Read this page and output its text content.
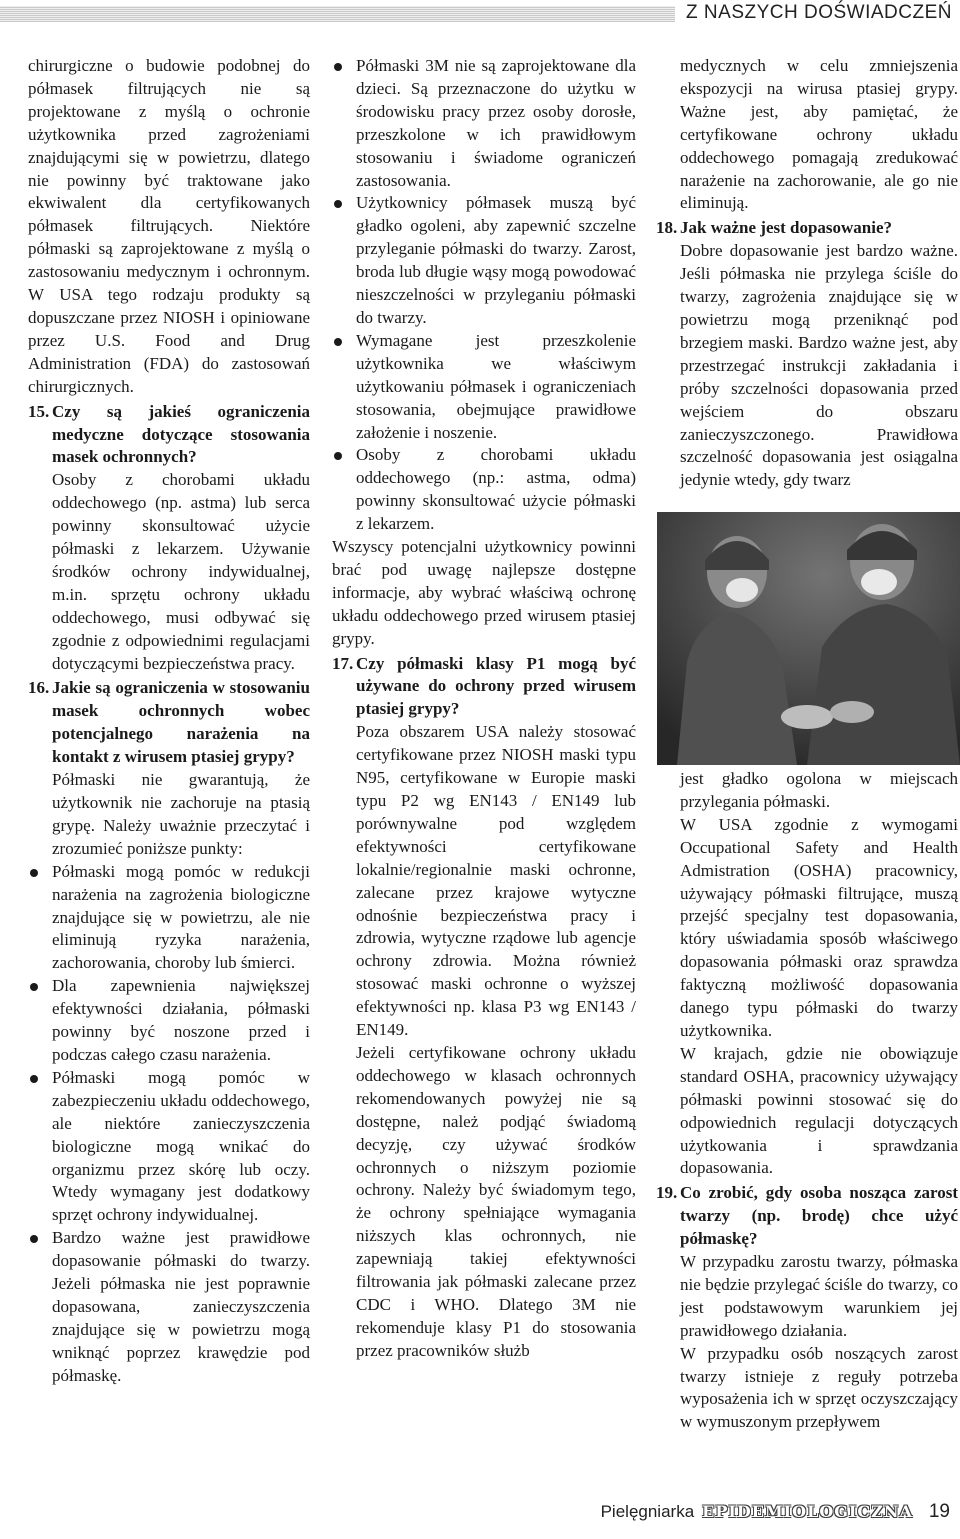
Z NASZYCH DOŚWIADCZEŃ

chirurgiczne o budowie podobnej do półmasek filtrujących nie są projektowane z myślą o ochronie użytkownika przed zagrożeniami znajdującymi się w powietrzu, dlatego nie powinny być traktowane jako ekwiwalent dla certyfikowanych półmasek filtrujących. Niektóre półmaski są zaprojektowane z myślą o zastosowaniu medycznym i ochronnym. W USA tego rodzaju produkty są dopuszczane przez NIOSH i opiniowane przez U.S. Food and Drug Administration (FDA) do zastosowań chirurgicznych.

15. Czy są jakieś ograniczenia medyczne dotyczące stosowania masek ochronnych?

Osoby z chorobami układu oddechowego (np. astma) lub serca powinny skonsultować użycie półmaski z lekarzem. Używanie środków ochrony indywidualnej, m.in. sprzętu ochrony układu oddechowego, musi odbywać się zgodnie z odpowiednimi regulacjami dotyczącymi bezpieczeństwa pracy.

16. Jakie są ograniczenia w stosowaniu masek ochronnych wobec potencjalnego narażenia na kontakt z wirusem ptasiej grypy?

Półmaski nie gwarantują, że użytkownik nie zachoruje na ptasią grypę. Należy uważnie przeczytać i zrozumieć poniższe punkty:

Półmaski mogą pomóc w redukcji narażenia na zagrożenia biologiczne znajdujące się w powietrzu, ale nie eliminują ryzyka narażenia, zachorowania, choroby lub śmierci.
Dla zapewnienia największej efektywności działania, półmaski powinny być noszone przed i podczas całego czasu narażenia.
Półmaski mogą pomóc w zabezpieczeniu układu oddechowego, ale niektóre zanieczyszczenia biologiczne mogą wnikać do organizmu przez skórę lub oczy. Wtedy wymagany jest dodatkowy sprzęt ochrony indywidualnej.
Bardzo ważne jest prawidłowe dopasowanie półmaski do twarzy. Jeżeli półmaska nie jest poprawnie dopasowana, zanieczyszczenia znajdujące się w powietrzu mogą wniknąć poprzez krawędzie pod półmaskę.
Półmaski 3M nie są zaprojektowane dla dzieci. Są przeznaczone do użytku w środowisku pracy przez osoby dorosłe, przeszkolone w ich prawidłowym stosowaniu i świadome ograniczeń zastosowania.
Użytkownicy półmasek muszą być gładko ogoleni, aby zapewnić szczelne przyleganie półmaski do twarzy. Zarost, broda lub długie wąsy mogą powodować nieszczelności w przyleganiu półmaski do twarzy.
Wymagane jest przeszkolenie użytkownika we właściwym użytkowaniu półmasek i ograniczeniach stosowania, obejmujące prawidłowe założenie i noszenie.
Osoby z chorobami układu oddechowego (np.: astma, odma) powinny skonsultować użycie półmaski z lekarzem.

Wszyscy potencjalni użytkownicy powinni brać pod uwagę najlepsze dostępne informacje, aby wybrać właściwą ochronę układu oddechowego przed wirusem ptasiej grypy.

17. Czy półmaski klasy P1 mogą być używane do ochrony przed wirusem ptasiej grypy?

Poza obszarem USA należy stosować certyfikowane przez NIOSH maski typu N95, certyfikowane w Europie maski typu P2 wg EN143 / EN149 lub porównywalne pod względem efektywności certyfikowane lokalnie/regionalnie maski ochronne, zalecane przez krajowe wytyczne odnośnie bezpieczeństwa pracy i zdrowia, wytyczne rządowe lub agencje ochrony zdrowia. Można również stosować maski ochronne o wyższej efektywności np. klasa P3 wg EN143 / EN149.

Jeżeli certyfikowane ochrony układu oddechowego w klasach ochronnych rekomendowanych powyżej nie są dostępne, należ podjąć świadomą decyzję, czy używać środków ochronnych o niższym poziomie ochrony. Należy być świadomym tego, że ochrony spełniające wymagania niższych klas ochronnych, nie zapewniają takiej efektywności filtrowania jak półmaski zalecane przez CDC i WHO. Dlatego 3M nie rekomenduje klasy P1 do stosowania przez pracowników służb

medycznych w celu zmniejszenia ekspozycji na wirusa ptasiej grypy. Ważne jest, aby pamiętać, że certyfikowane ochrony układu oddechowego pomagają zredukować narażenie na zachorowanie, ale go nie eliminują.

18. Jak ważne jest dopasowanie?

Dobre dopasowanie jest bardzo ważne. Jeśli półmaska nie przylega ściśle do twarzy, zagrożenia znajdujące się w powietrzu mogą przeniknąć pod brzegiem maski. Bardzo ważne jest, aby przestrzegać instrukcji zakładania i próby szczelności dopasowania przed wejściem do obszaru zanieczyszczonego. Prawidłowa szczelność dopasowania jest osiągalna jedynie wtedy, gdy twarz

jest gładko ogolona w miejscach przylegania półmaski.

W USA zgodnie z wymogami Occupational Safety and Health Admistration (OSHA) pracownicy, używający półmaski filtrujące, muszą przejść specjalny test dopasowania, który uświadamia sposób właściwego dopasowania półmaski oraz sprawdza faktyczną możliwość dopasowania danego typu półmaski do twarzy użytkownika.

W krajach, gdzie nie obowiązuje standard OSHA, pracownicy używający półmaski powinni stosować się do odpowiednich regulacji dotyczących użytkowania i sprawdzania dopasowania.

19. Co zrobić, gdy osoba nosząca zarost twarzy (np. brodę) chce użyć półmaskę?

W przypadku zarostu twarzy, półmaska nie będzie przylegać ściśle do twarzy, co jest podstawowym warunkiem jej prawidłowego działania.

W przypadku osób noszących zarost twarzy istnieje z reguły potrzeba wyposażenia ich w sprzęt oczyszczający w wymuszonym przepływem

Pielęgniarka EPIDEMIOLOGICZNA 19
